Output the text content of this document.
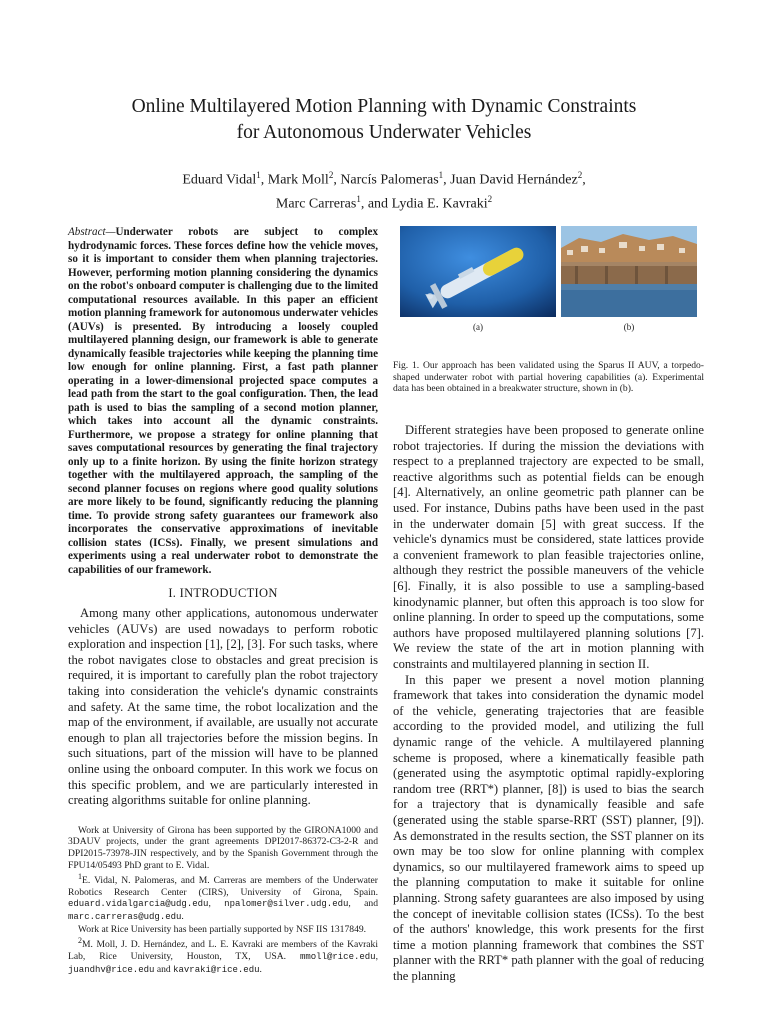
Online Multilayered Motion Planning with Dynamic Constraints
for Autonomous Underwater Vehicles
Eduard Vidal$^1$, Mark Moll$^2$, Narcís Palomeras$^1$, Juan David Hernández$^2$,
Marc Carreras$^1$, and Lydia E. Kavraki$^2$

Abstract—Underwater robots are subject to complex hydrodynamic forces. These forces define how the vehicle moves, so it is important to consider them when planning trajectories. However, performing motion planning considering the dynamics on the robot's onboard computer is challenging due to the limited computational resources available. In this paper an efficient motion planning framework for autonomous underwater vehicles (AUVs) is presented. By introducing a loosely coupled multilayered planning design, our framework is able to generate dynamically feasible trajectories while keeping the planning time low enough for online planning. First, a fast path planner operating in a lower-dimensional projected space computes a lead path from the start to the goal configuration. Then, the lead path is used to bias the sampling of a second motion planner, which takes into account all the dynamic constraints. Furthermore, we propose a strategy for online planning that saves computational resources by generating the final trajectory only up to a finite horizon. By using the finite horizon strategy together with the multilayered approach, the sampling of the second planner focuses on regions where good quality solutions are more likely to be found, significantly reducing the planning time. To provide strong safety guarantees our framework also incorporates the conservative approximations of inevitable collision states (ICSs). Finally, we present simulations and experiments using a real underwater robot to demonstrate the capabilities of our framework.

I. INTRODUCTION

Among many other applications, autonomous underwater vehicles (AUVs) are used nowadays to perform robotic exploration and inspection [1], [2], [3]. For such tasks, where the robot navigates close to obstacles and great precision is required, it is important to carefully plan the robot trajectory taking into consideration the vehicle's dynamic constraints and safety. At the same time, the robot localization and the map of the environment, if available, are usually not accurate enough to plan all trajectories before the mission begins. In such situations, part of the mission will have to be planned online using the onboard computer. In this work we focus on this specific problem, and we are particularly interested in creating algorithms suitable for online planning.

Work at University of Girona has been supported by the GIRONA1000 and 3DAUV projects, under the grant agreements DPI2017-86372-C3-2-R and DPI2015-73978-JIN respectively, and by the Spanish Government through the FPU14/05493 PhD grant to E. Vidal.

$^1$E. Vidal, N. Palomeras, and M. Carreras are members of the Underwater Robotics Research Center (CIRS), University of Girona, Spain. eduard.vidalgarcia@udg.edu, npalomer@silver.udg.edu, and marc.carreras@udg.edu.

Work at Rice University has been partially supported by NSF IIS 1317849.

$^2$M. Moll, J. D. Hernández, and L. E. Kavraki are members of the Kavraki Lab, Rice University, Houston, TX, USA. mmoll@rice.edu, juandhv@rice.edu and kavraki@rice.edu.

(a)	(b)

Fig. 1. Our approach has been validated using the Sparus II AUV, a torpedo-shaped underwater robot with partial hovering capabilities (a). Experimental data has been obtained in a breakwater structure, shown in (b).

Different strategies have been proposed to generate online robot trajectories. If during the mission the deviations with respect to a preplanned trajectory are expected to be small, reactive algorithms such as potential fields can be enough [4]. Alternatively, an online geometric path planner can be used. For instance, Dubins paths have been used in the past in the underwater domain [5] with great success. If the vehicle's dynamics must be considered, state lattices provide a convenient framework to plan feasible trajectories online, although they restrict the possible maneuvers of the vehicle [6]. Finally, it is also possible to use a sampling-based kinodynamic planner, but often this approach is too slow for online planning. In order to speed up the computations, some authors have proposed multilayered planning solutions [7]. We review the state of the art in motion planning with constraints and multilayered planning in section II.

In this paper we present a novel motion planning framework that takes into consideration the dynamic model of the vehicle, generating trajectories that are feasible according to the provided model, and utilizing the full dynamic range of the vehicle. A multilayered planning scheme is proposed, where a kinematically feasible path (generated using the asymptotic optimal rapidly-exploring random tree (RRT*) planner, [8]) is used to bias the search for a trajectory that is dynamically feasible and safe (generated using the stable sparse-RRT (SST) planner, [9]). As demonstrated in the results section, the SST planner on its own may be too slow for online planning with complex dynamics, so our multilayered framework aims to speed up the planning computation to make it suitable for online planning. Strong safety guarantees are also imposed by using the concept of inevitable collision states (ICSs). To the best of the authors' knowledge, this work presents for the first time a motion planning framework that combines the SST planner with the RRT* path planner with the goal of reducing the planning
